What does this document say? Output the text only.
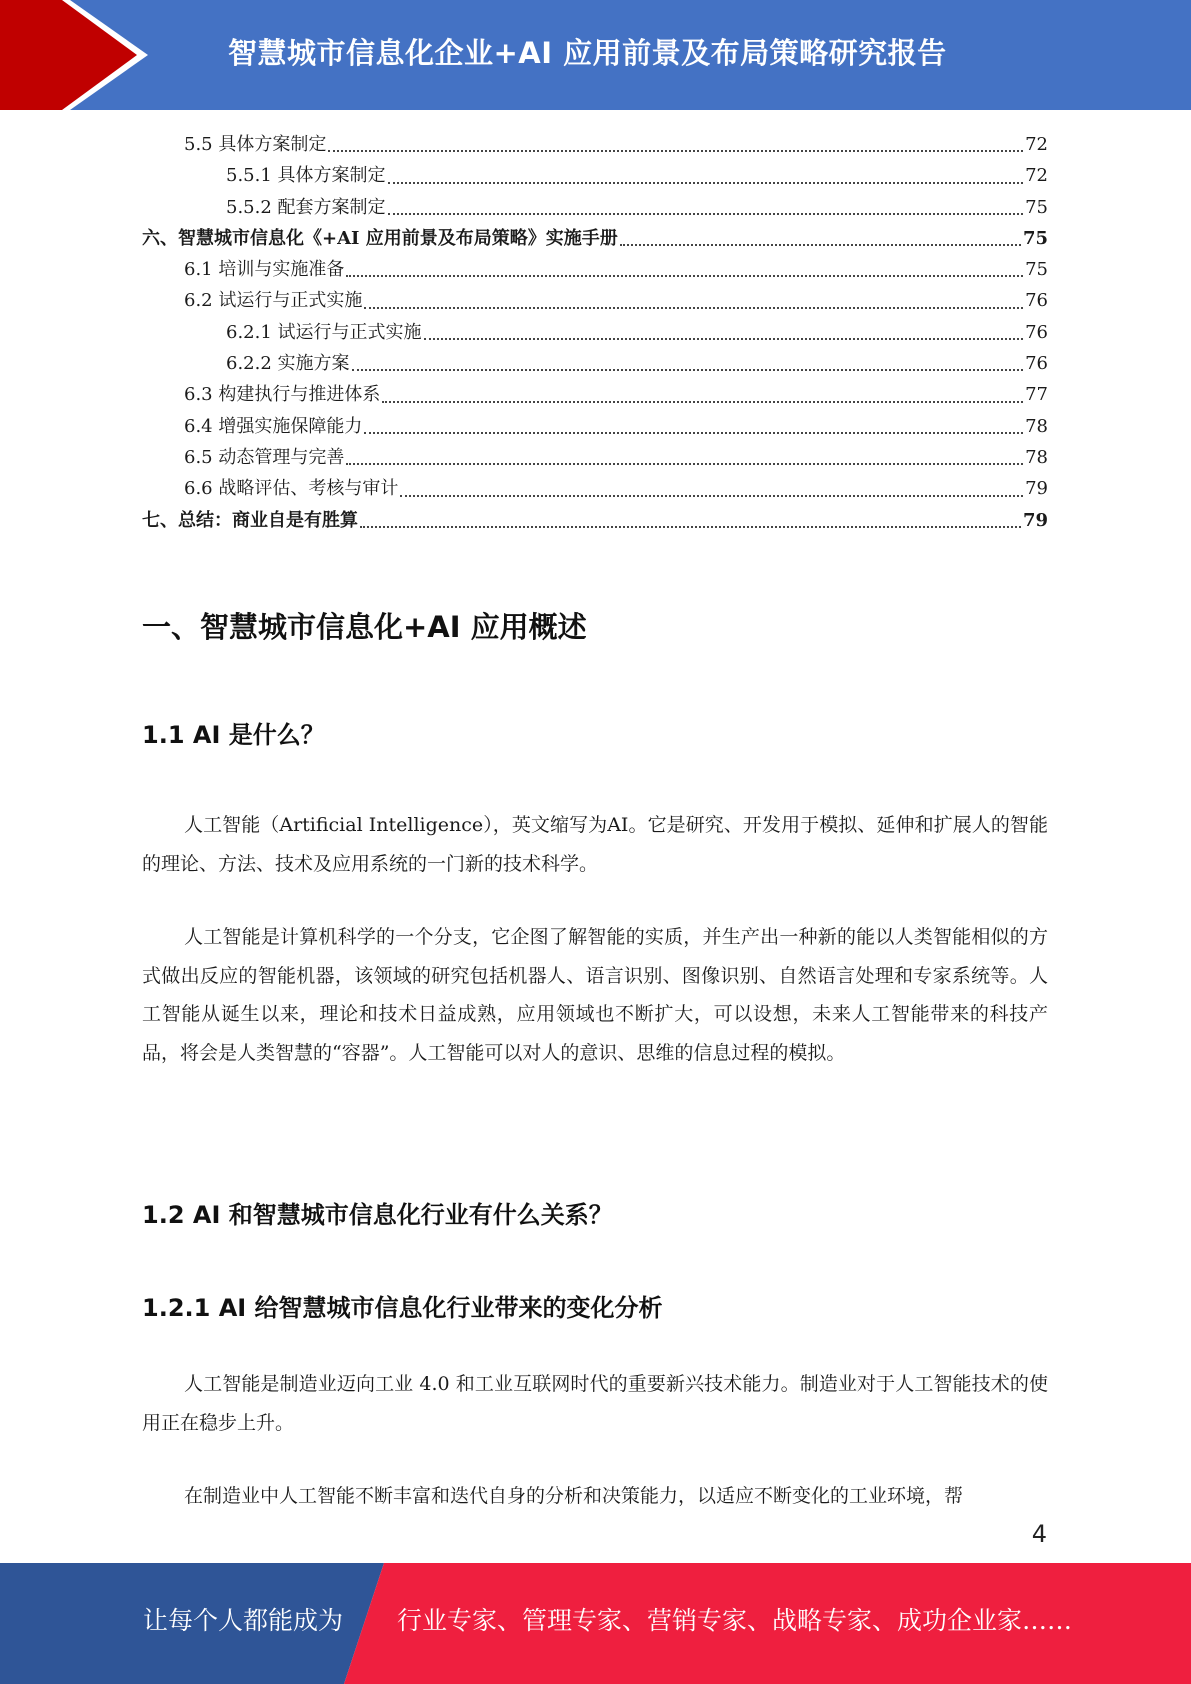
智慧城市信息化企业+AI 应用前景及布局策略研究报告
5.5 具体方案制定	72
5.5.1 具体方案制定	72
5.5.2 配套方案制定	75
六、智慧城市信息化《+AI 应用前景及布局策略》实施手册	75
6.1 培训与实施准备	75
6.2 试运行与正式实施	76
6.2.1 试运行与正式实施	76
6.2.2 实施方案	76
6.3 构建执行与推进体系	77
6.4 增强实施保障能力	78
6.5 动态管理与完善	78
6.6 战略评估、考核与审计	79
七、总结：商业自是有胜算	79
一、智慧城市信息化+AI 应用概述
1.1 AI 是什么？
人工智能（Artificial Intelligence），英文缩写为AI。它是研究、开发用于模拟、延伸和扩展人的智能的理论、方法、技术及应用系统的一门新的技术科学。
人工智能是计算机科学的一个分支，它企图了解智能的实质，并生产出一种新的能以人类智能相似的方式做出反应的智能机器，该领域的研究包括机器人、语言识别、图像识别、自然语言处理和专家系统等。人工智能从诞生以来，理论和技术日益成熟，应用领域也不断扩大，可以设想，未来人工智能带来的科技产品，将会是人类智慧的“容器”。人工智能可以对人的意识、思维的信息过程的模拟。
1.2 AI 和智慧城市信息化行业有什么关系？
1.2.1 AI 给智慧城市信息化行业带来的变化分析
人工智能是制造业迈向工业 4.0 和工业互联网时代的重要新兴技术能力。制造业对于人工智能技术的使用正在稳步上升。
在制造业中人工智能不断丰富和迭代自身的分析和决策能力，以适应不断变化的工业环境，帮
4
让每个人都能成为 行业专家、管理专家、营销专家、战略专家、成功企业家……
